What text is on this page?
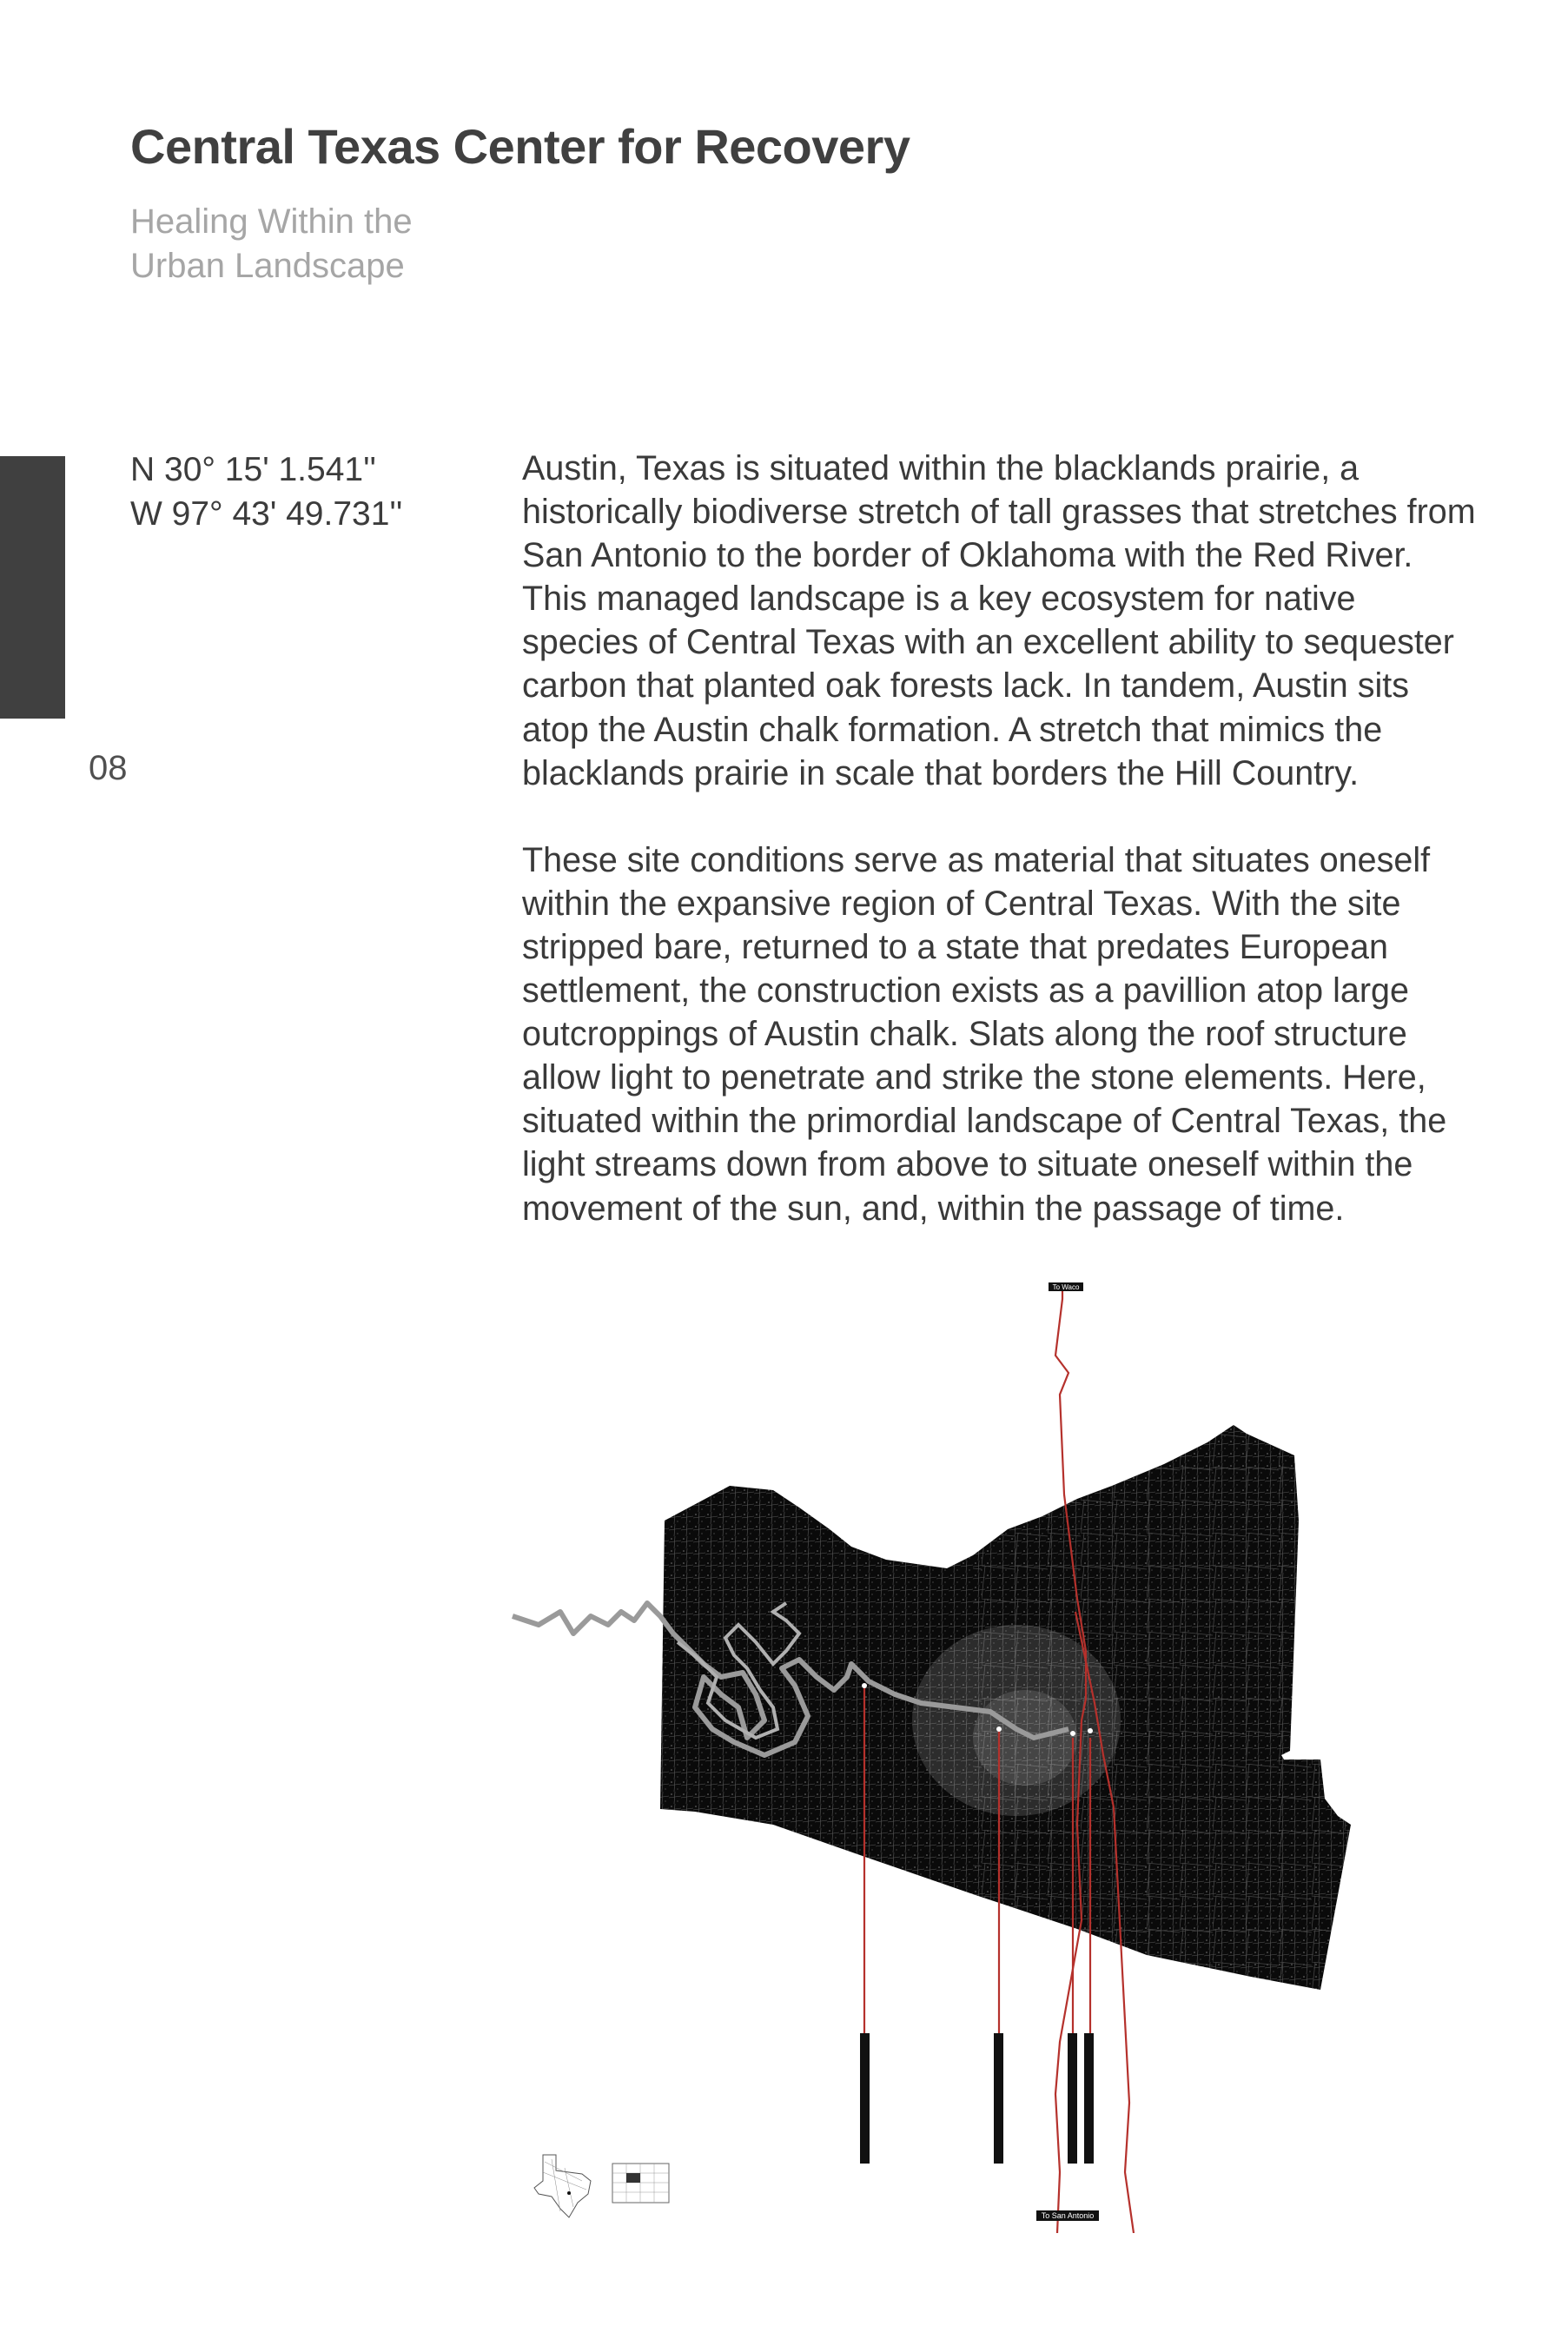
Central Texas Center for Recovery
Healing Within the
Urban Landscape
08
N 30° 15' 1.541''
W 97° 43' 49.731''

Austin, Texas is situated within the blacklands prairie, a historically biodiverse stretch of tall grasses that stretches from San Antonio to the border of Oklahoma with the Red River. This managed landscape is a key ecosystem for native species of Central Texas with an excellent ability to sequester carbon that planted oak forests lack. In tandem, Austin sits atop the Austin chalk formation. A stretch that mimics the blacklands prairie in scale that borders the Hill Country.

These site conditions serve as material that situates oneself within the expansive region of Central Texas. With the site stripped bare, returned to a state that predates European settlement, the construction exists as a pavillion atop large outcroppings of Austin chalk. Slats along the roof structure allow light to penetrate and strike the stone elements. Here, situated within the primordial landscape of Central Texas, the light streams down from above to situate oneself within the movement of the sun, and, within the passage of time.

To Waco
To San Antonio
